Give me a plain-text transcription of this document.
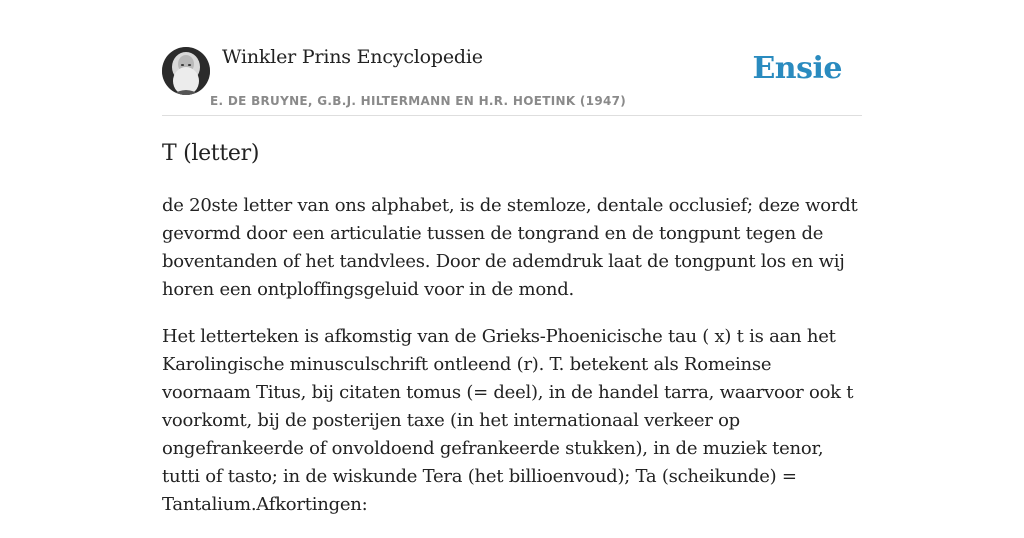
Winkler Prins Encyclopedie
E. DE BRUYNE, G.B.J. HILTERMANN EN H.R. HOETINK (1947)
Ensie
T (letter)

de 20ste letter van ons alphabet, is de stemloze, dentale occlusief; deze wordt gevormd door een articulatie tussen de tongrand en de tongpunt tegen de boventanden of het tandvlees. Door de ademdruk laat de tongpunt los en wij horen een ontploffingsgeluid voor in de mond.

Het letterteken is afkomstig van de Grieks-Phoenicische tau ( x) t is aan het Karolingische minusculschrift ontleend (r). T. betekent als Romeinse voornaam Titus, bij citaten tomus (= deel), in de handel tarra, waarvoor ook t voorkomt, bij de posterijen taxe (in het internationaal verkeer op ongefrankeerde of onvoldoend gefrankeerde stukken), in de muziek tenor, tutti of tasto; in de wiskunde Tera (het billioenvoud); Ta (scheikunde) = Tantalium.Afkortingen:
